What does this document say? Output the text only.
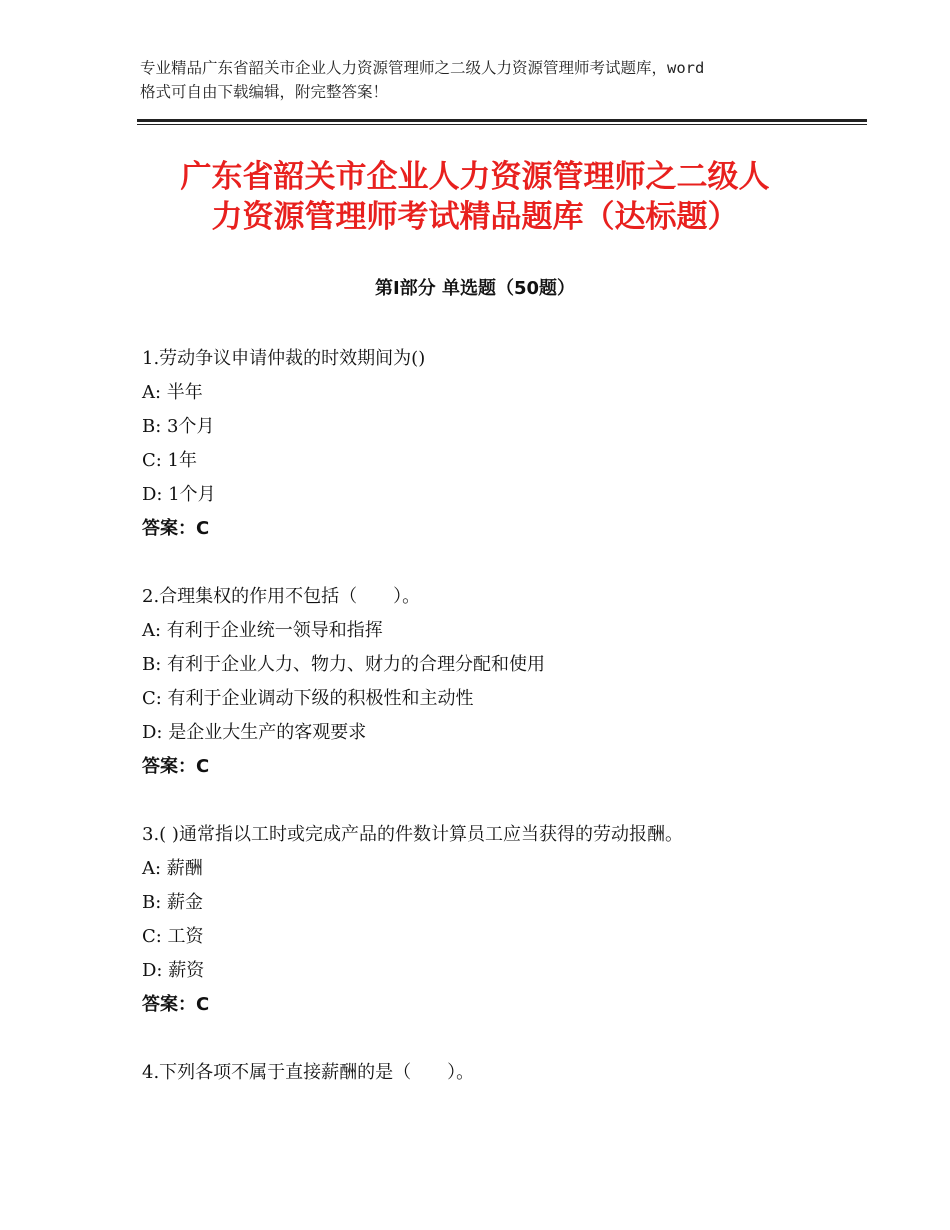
专业精品广东省韶关市企业人力资源管理师之二级人力资源管理师考试题库，word
格式可自由下载编辑，附完整答案！
广东省韶关市企业人力资源管理师之二级人
力资源管理师考试精品题库（达标题）
第Ⅰ部分 单选题（50题）
1.劳动争议申请仲裁的时效期间为()
A: 半年
B: 3个月
C: 1年
D: 1个月
答案：C
2.合理集权的作用不包括（　　）。
A: 有利于企业统一领导和指挥
B: 有利于企业人力、物力、财力的合理分配和使用
C: 有利于企业调动下级的积极性和主动性
D: 是企业大生产的客观要求
答案：C
3.( )通常指以工时或完成产品的件数计算员工应当获得的劳动报酬。
A: 薪酬
B: 薪金
C: 工资
D: 薪资
答案：C
4.下列各项不属于直接薪酬的是（　　）。
